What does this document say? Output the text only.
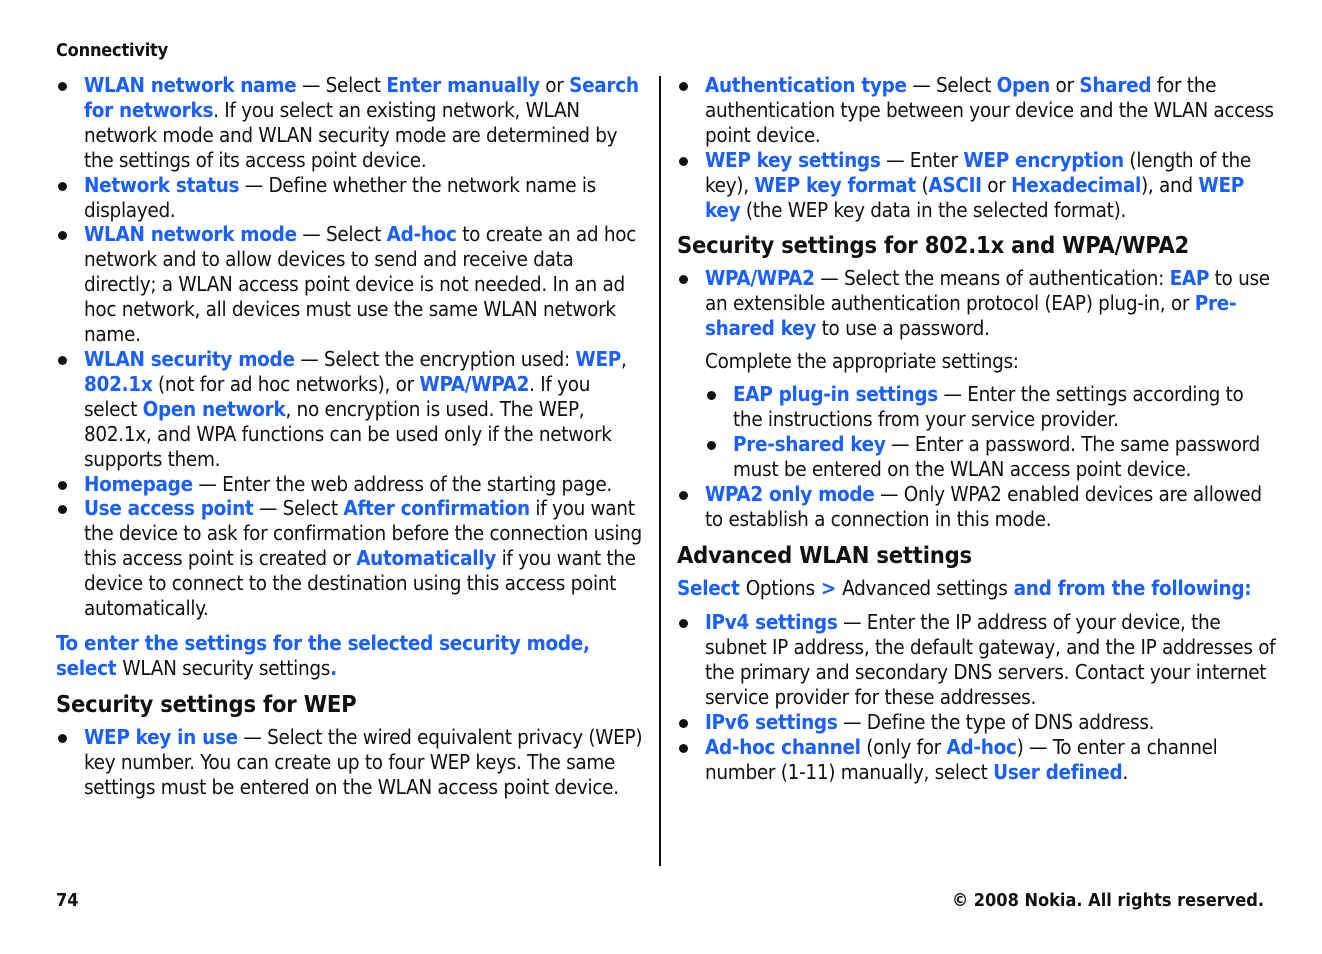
Connectivity
WLAN network name — Select Enter manually or Search for networks. If you select an existing network, WLAN network mode and WLAN security mode are determined by the settings of its access point device.
Network status — Define whether the network name is displayed.
WLAN network mode — Select Ad-hoc to create an ad hoc network and to allow devices to send and receive data directly; a WLAN access point device is not needed. In an ad hoc network, all devices must use the same WLAN network name.
WLAN security mode — Select the encryption used: WEP, 802.1x (not for ad hoc networks), or WPA/WPA2. If you select Open network, no encryption is used. The WEP, 802.1x, and WPA functions can be used only if the network supports them.
Homepage — Enter the web address of the starting page.
Use access point — Select After confirmation if you want the device to ask for confirmation before the connection using this access point is created or Automatically if you want the device to connect to the destination using this access point automatically.

To enter the settings for the selected security mode, select WLAN security settings.

Security settings for WEP
WEP key in use — Select the wired equivalent privacy (WEP) key number. You can create up to four WEP keys. The same settings must be entered on the WLAN access point device.
Authentication type — Select Open or Shared for the authentication type between your device and the WLAN access point device.
WEP key settings — Enter WEP encryption (length of the key), WEP key format (ASCII or Hexadecimal), and WEP key (the WEP key data in the selected format).
Security settings for 802.1x and WPA/WPA2
WPA/WPA2 — Select the means of authentication: EAP to use an extensible authentication protocol (EAP) plug-in, or Pre-shared key to use a password.

Complete the appropriate settings:

EAP plug-in settings — Enter the settings according to the instructions from your service provider.
Pre-shared key — Enter a password. The same password must be entered on the WLAN access point device.
WPA2 only mode — Only WPA2 enabled devices are allowed to establish a connection in this mode.
Advanced WLAN settings

Select Options > Advanced settings and from the following:

IPv4 settings — Enter the IP address of your device, the subnet IP address, the default gateway, and the IP addresses of the primary and secondary DNS servers. Contact your internet service provider for these addresses.
IPv6 settings — Define the type of DNS address.
Ad-hoc channel (only for Ad-hoc) — To enter a channel number (1-11) manually, select User defined.
74	© 2008 Nokia. All rights reserved.
